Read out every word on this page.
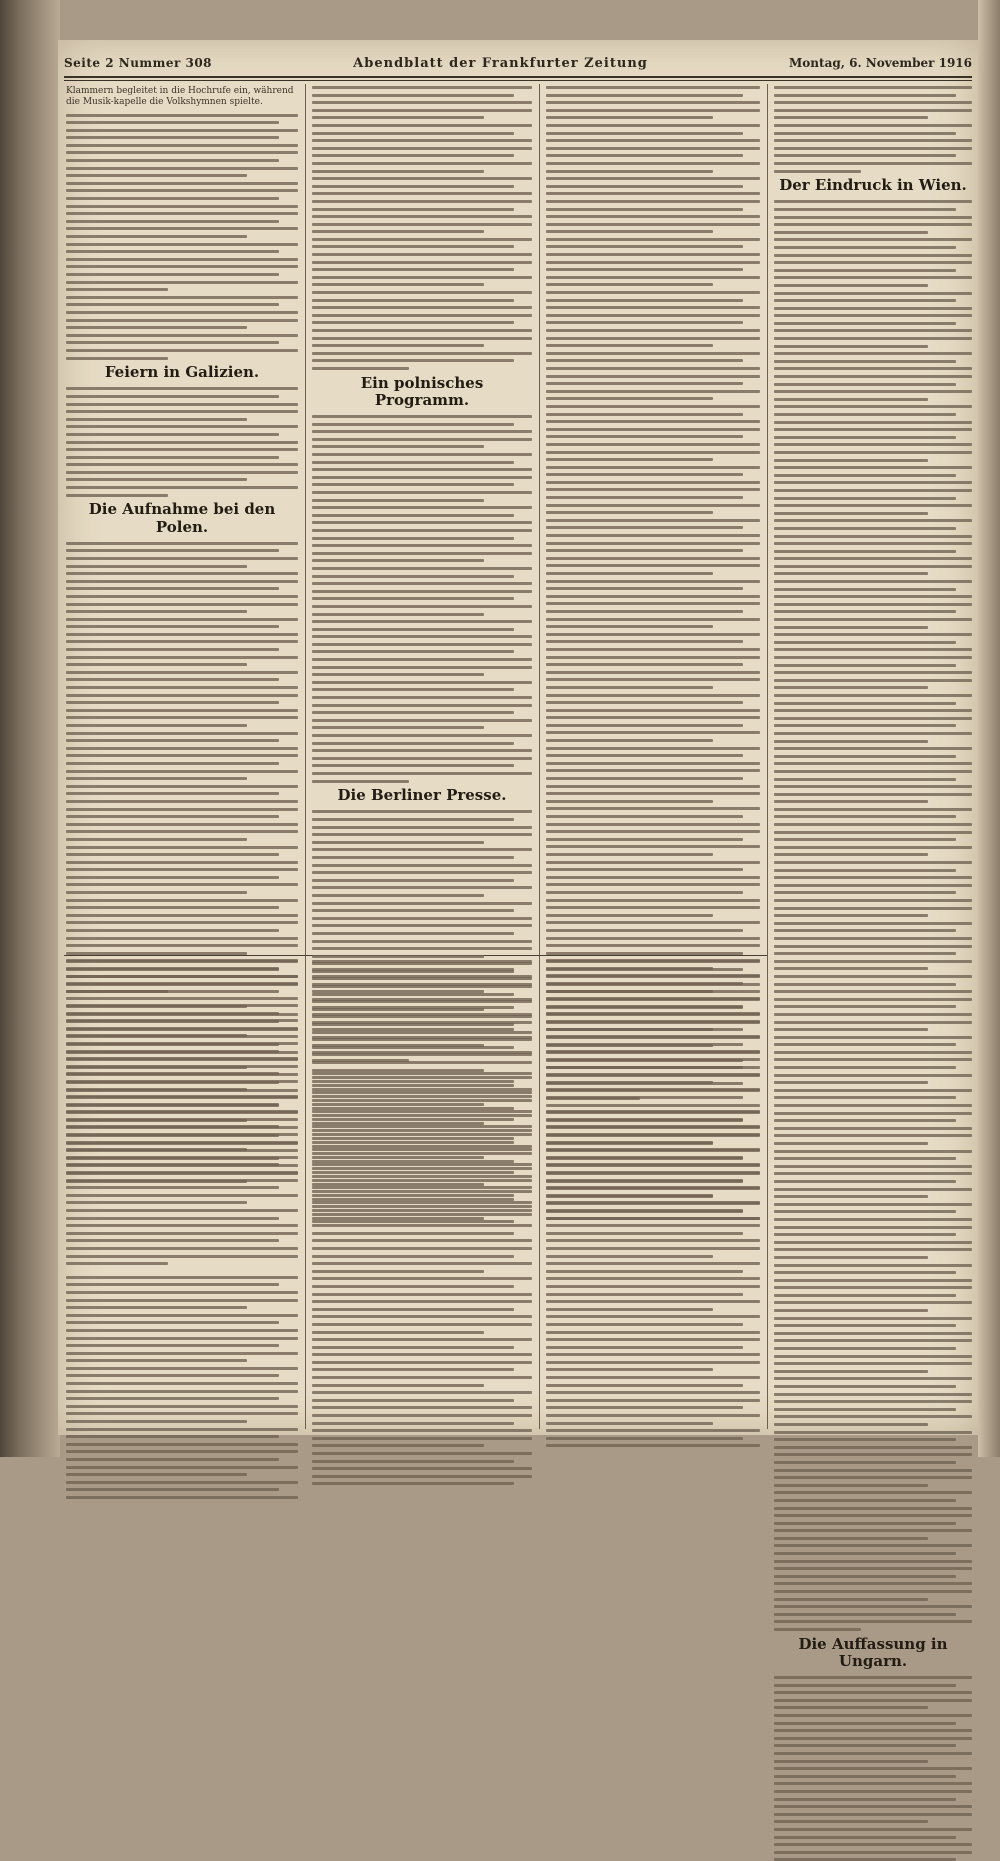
Seite 2 Nummer 308	Abendblatt der Frankfurter Zeitung	Montag, 6. November 1916

Klammern begleitet in die Hochrufe ein, während die Musik-kapelle die Volkshymnen spielte.

Feiern in Galizien.
Die Aufnahme bei den Polen.
Ein polnisches Programm.
Die Berliner Presse.
Der Eindruck in Wien.
Die Auffassung in Ungarn.
